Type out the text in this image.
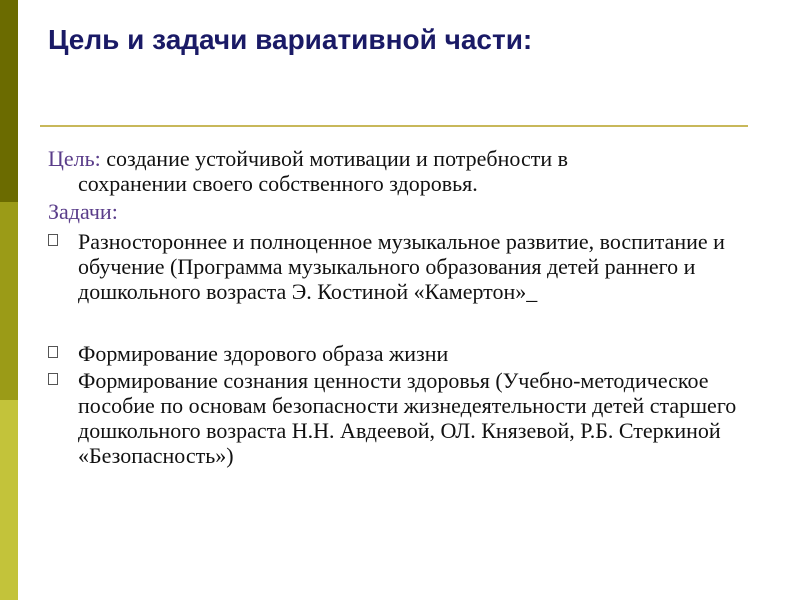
Цель и задачи вариативной части:

Цель: создание устойчивой мотивации и потребности в
сохранении своего собственного здоровья.

Задачи:

Разностороннее и полноценное музыкальное развитие, воспитание и обучение (Программа музыкального образования детей раннего и дошкольного возраста Э. Костиной «Камертон»_

Формирование здорового образа жизни

Формирование сознания ценности здоровья (Учебно-методическое пособие по основам безопасности жизнедеятельности детей старшего дошкольного возраста Н.Н. Авдеевой, ОЛ. Князевой, Р.Б. Стеркиной «Безопасность»)
